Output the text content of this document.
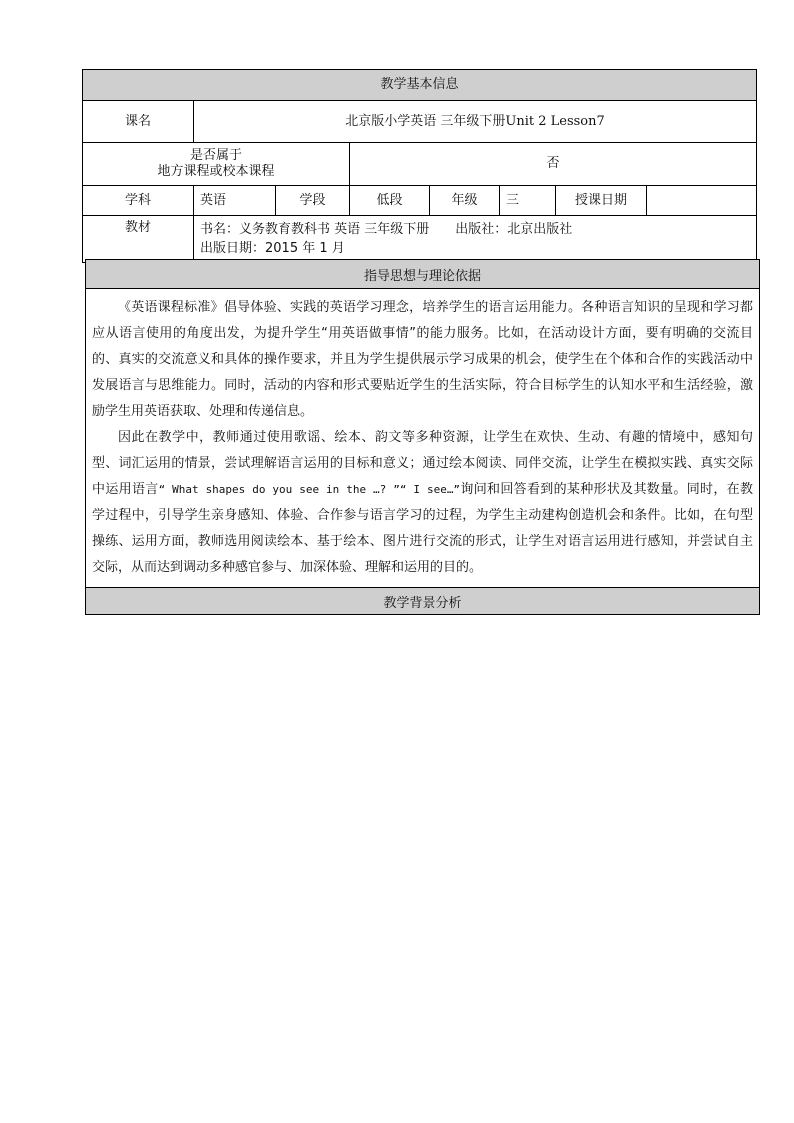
教学基本信息							
课名	北京版小学英语 三年级下册Unit 2 Lesson7						
是否属于
地方课程或校本课程			否				
学科	英语	学段	低段	年级	三	授课日期	
教材	书名：义务教育教科书 英语 三年级下册 出版社：北京出版社
出版日期：2015 年 1 月						
指导思想与理论依据

《英语课程标准》倡导体验、实践的英语学习理念，培养学生的语言运用能力。各种语言知识的呈现和学习都应从语言使用的角度出发，为提升学生“用英语做事情”的能力服务。比如，在活动设计方面，要有明确的交流目的、真实的交流意义和具体的操作要求，并且为学生提供展示学习成果的机会，使学生在个体和合作的实践活动中发展语言与思维能力。同时，活动的内容和形式要贴近学生的生活实际，符合目标学生的认知水平和生活经验，激励学生用英语获取、处理和传递信息。

因此在教学中，教师通过使用歌谣、绘本、韵文等多种资源，让学生在欢快、生动、有趣的情境中，感知句型、词汇运用的情景，尝试理解语言运用的目标和意义；通过绘本阅读、同伴交流，让学生在模拟实践、真实交际中运用语言“ What shapes do you see in the …? ”“ I see…”询问和回答看到的某种形状及其数量。同时，在教学过程中，引导学生亲身感知、体验、合作参与语言学习的过程，为学生主动建构创造机会和条件。比如，在句型操练、运用方面，教师选用阅读绘本、基于绘本、图片进行交流的形式，让学生对语言运用进行感知，并尝试自主交际，从而达到调动多种感官参与、加深体验、理解和运用的目的。

教学背景分析
